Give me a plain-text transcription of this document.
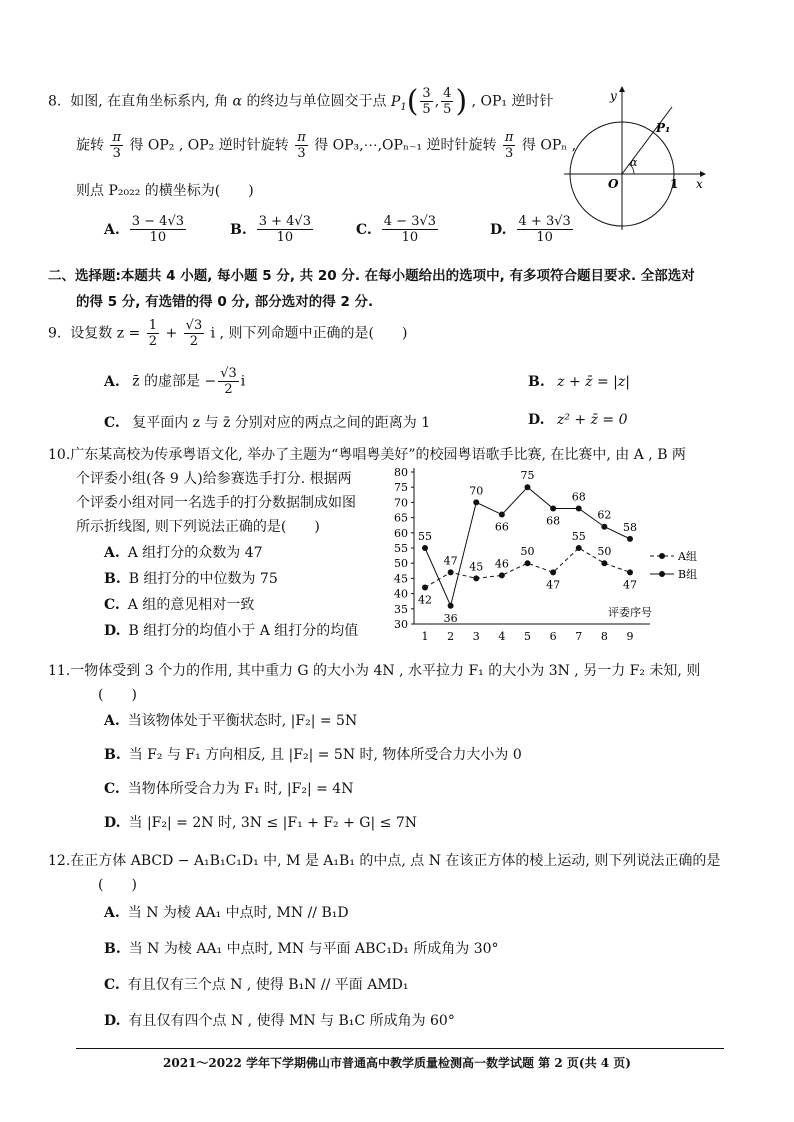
8. 如图, 在直角坐标系内, 角 α 的终边与单位圆交于点 $P_1( \frac{3}{5}$ , $\frac{4}{5}$ ) , OP₁ 逆时针
旋转 $\frac{\pi}{3}$ 得 OP₂ , OP₂ 逆时针旋转 $\frac{\pi}{3}$ 得 OP₃,⋯,OPₙ₋₁ 逆时针旋转 $\frac{\pi}{3}$ 得 OPₙ ,
则点 P₂₀₂₂ 的横坐标为(　　)
A. $\frac{3 - 4√3}{10}$	B. $\frac{3 + 4√3}{10}$	C. $\frac{4 - 3√3}{10}$	D. $\frac{4 + 3√3}{10}$
y
x
O	1
P₁
α
二、选择题:本题共 4 小题, 每小题 5 分, 共 20 分. 在每小题给出的选项中, 有多项符合题目要求. 全部选对
的得 5 分, 有选错的得 0 分, 部分选对的得 2 分.
9. 设复数 $z = \frac{1}{2} + \frac{√3}{2}$ i , 则下列命题中正确的是(　　)
A. z̄ 的虚部是 − $\frac{√3}{2}$ i	B. z + z̄ = |z|
C. 复平面内 z 与 z̄ 分别对应的两点之间的距离为 1	D. z² + z̄ = 0
10.广东某高校为传承粤语文化, 举办了主题为“粤唱粤美好”的校园粤语歌手比赛, 在比赛中, 由 A , B 两
个评委小组(各 9 人)给参赛选手打分. 根据两
个评委小组对同一名选手的打分数据制成如图
所示折线图, 则下列说法正确的是(　　)
A. A 组打分的众数为 47
B. B 组打分的中位数为 75
C. A 组的意见相对一致
D. B 组打分的均值小于 A 组打分的均值	30
35
40
45
50
55
60
65
70
75
80
1 2 3 4 5 6 7 8 9
评委序号
42
47 45 46
50
47
55
50
47
A组
55
36
70
66
75
68
68
62
58
B组
11.一物体受到 3 个力的作用, 其中重力 G 的大小为 4N , 水平拉力 F₁ 的大小为 3N , 另一力 F₂ 未知, 则
(　　)
A. 当该物体处于平衡状态时, |F₂| = 5N
B. 当 F₂ 与 F₁ 方向相反, 且 |F₂| = 5N 时, 物体所受合力大小为 0
C. 当物体所受合力为 F₁ 时, |F₂| = 4N
D. 当 |F₂| = 2N 时, 3N ≤ |F₁ + F₂ + G| ≤ 7N
12.在正方体 ABCD − A₁B₁C₁D₁ 中, M 是 A₁B₁ 的中点, 点 N 在该正方体的棱上运动, 则下列说法正确的是
(　　)
A. 当 N 为棱 AA₁ 中点时, MN // B₁D
B. 当 N 为棱 AA₁ 中点时, MN 与平面 ABC₁D₁ 所成角为 30°
C. 有且仅有三个点 N , 使得 B₁N // 平面 AMD₁
D. 有且仅有四个点 N , 使得 MN 与 B₁C 所成角为 60°
2021～2022 学年下学期佛山市普通高中教学质量检测高一数学试题 第 2 页(共 4 页)
